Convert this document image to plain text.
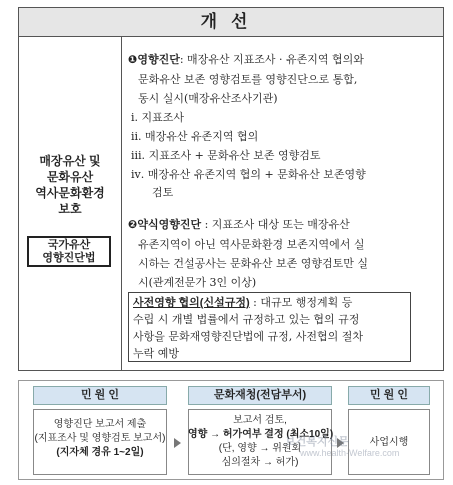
개선
매장유산 및
문화유산
역사문화환경
보호
국가유산
영향진단법
❶영향진단: 매장유산 지표조사 · 유존지역 협의와
문화유산 보존 영향검토를 영향진단으로 통합,
동시 실시(매장유산조사기관)
ⅰ. 지표조사
ⅱ. 매장유산 유존지역 협의
ⅲ. 지표조사 + 문화유산 보존 영향검토
ⅳ. 매장유산 유존지역 협의 + 문화유산 보존영향
검토
❷약식영향진단 : 지표조사 대상 또는 매장유산
유존지역이 아닌 역사문화환경 보존지역에서 실
시하는 건설공사는 문화유산 보존 영향검토만 실
시(관계전문가 3인 이상)
사전영향 협의(신설규정) : 대규모 행정계획 등
수립 시 개별 법률에서 규정하고 있는 협의 규정
사항을 문화재영향진단법에 규정, 사전협의 절차
누락 예방
민 원 인
영향진단 보고서 제출
(지표조사 및 영향검토 보고서)
(지자체 경유 1~2일)
문화재청(전담부서)
보고서 검토,
영향 → 허가여부 결정 (최소10일)
(단, 영향 → 위원회
심의절차 → 허가)
민 원 인
사업시행
보건복지신문
www.health-Welfare.com
